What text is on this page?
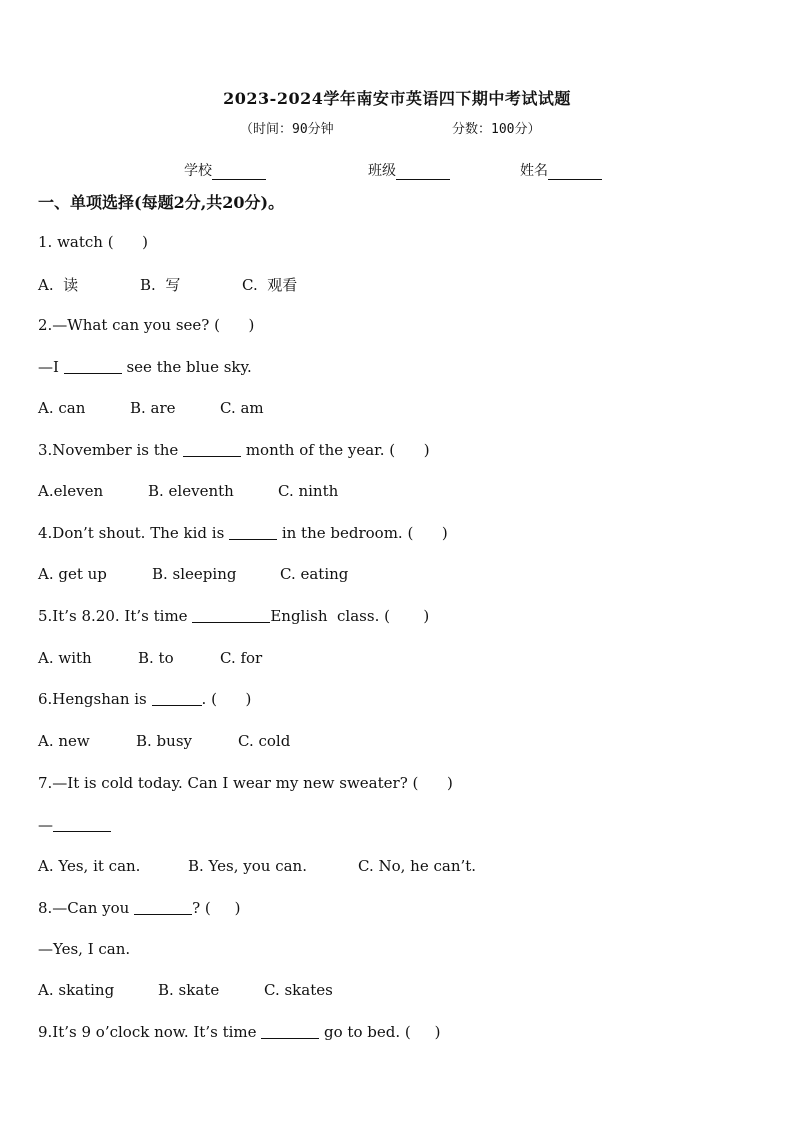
2023-2024学年南安市英语四下期中考试试题
（时间：90分钟	分数：100分）
学校	班级	姓名
一、单项选择(每题2分,共20分)。
1. watch (      )
A.  读	B.  写	C.  观看
2.—What can you see? (      )
—I	see the blue sky.
A. can	B. are	C. am
3.November is the	month of the year. (      )
A.eleven	B. eleventh	C. ninth
4.Don’t shout. The kid is	in the bedroom. (      )
A. get up	B. sleeping	C. eating
5.It’s 8.20. It’s time	English  class. (       )
A. with	B. to	C. for
6.Hengshan is	. (      )
A. new	B. busy	C. cold
7.—It is cold today. Can I wear my new sweater? (      )
—
A. Yes, it can.	B. Yes, you can.	C. No, he can’t.
8.—Can you	? (     )
—Yes, I can.
A. skating	B. skate	C. skates
9.It’s 9 o’clock now. It’s time	go to bed. (     )
